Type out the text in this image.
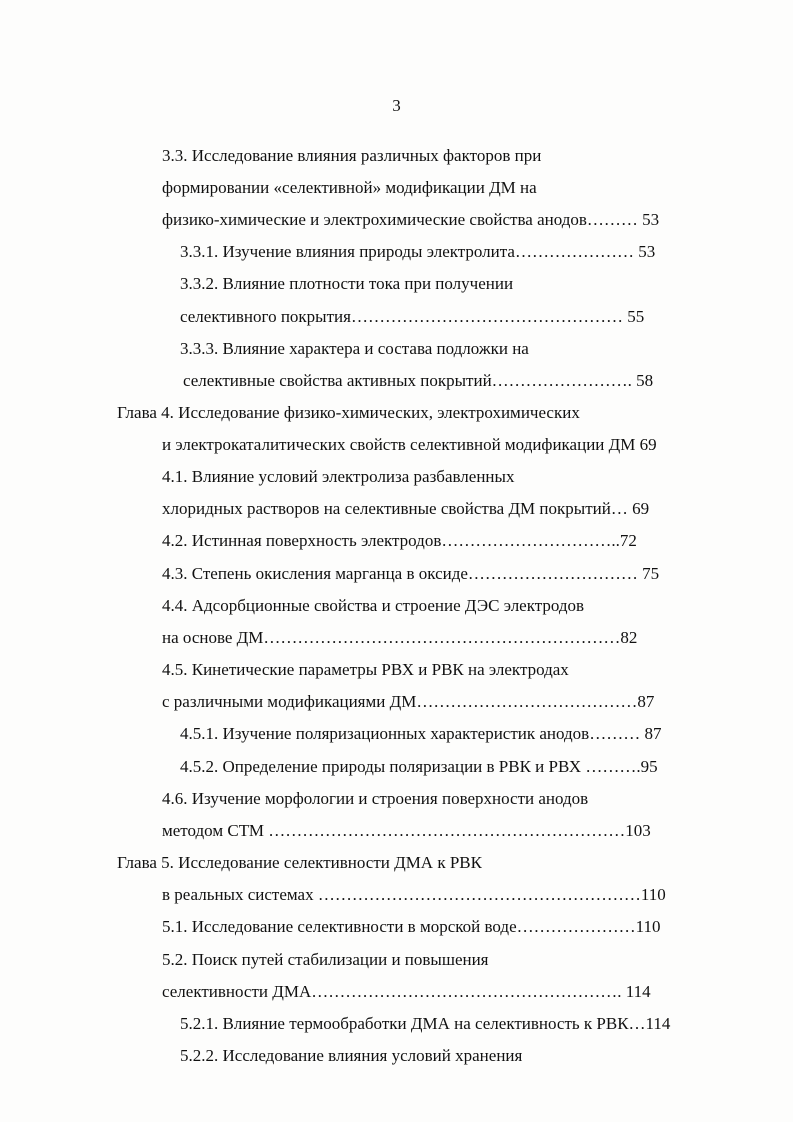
3
3.3. Исследование влияния различных факторов при
формировании «селективной» модификации ДМ на
физико-химические и электрохимические свойства анодов……… 53
3.3.1. Изучение влияния природы электролита………………… 53
3.3.2. Влияние плотности тока при получении
селективного покрытия………………………………………… 55
3.3.3. Влияние характера и состава подложки на
селективные свойства активных покрытий……………………. 58
Глава 4. Исследование физико-химических, электрохимических
и электрокаталитических свойств селективной модификации ДМ 69
4.1. Влияние условий электролиза разбавленных
хлоридных растворов на селективные свойства ДМ покрытий… 69
4.2. Истинная поверхность электродов…………………………..72
4.3. Степень окисления марганца в оксиде………………………… 75
4.4. Адсорбционные свойства и строение ДЭС электродов
на основе ДМ………………………………………………………82
4.5. Кинетические параметры РВХ и РВК на электродах
с различными модификациями ДМ…………………………………87
4.5.1. Изучение поляризационных характеристик анодов……… 87
4.5.2. Определение природы поляризации в РВК и РВХ ……….95
4.6. Изучение морфологии и строения поверхности анодов
методом СТМ ………………………………………………………103
Глава 5. Исследование селективности ДМА к РВК
в реальных системах …………………………………………………110
5.1. Исследование селективности в морской воде…………………110
5.2. Поиск путей стабилизации и повышения
селективности ДМА………………………………………………. 114
5.2.1. Влияние термообработки ДМА на селективность к РВК…114
5.2.2. Исследование влияния условий хранения
